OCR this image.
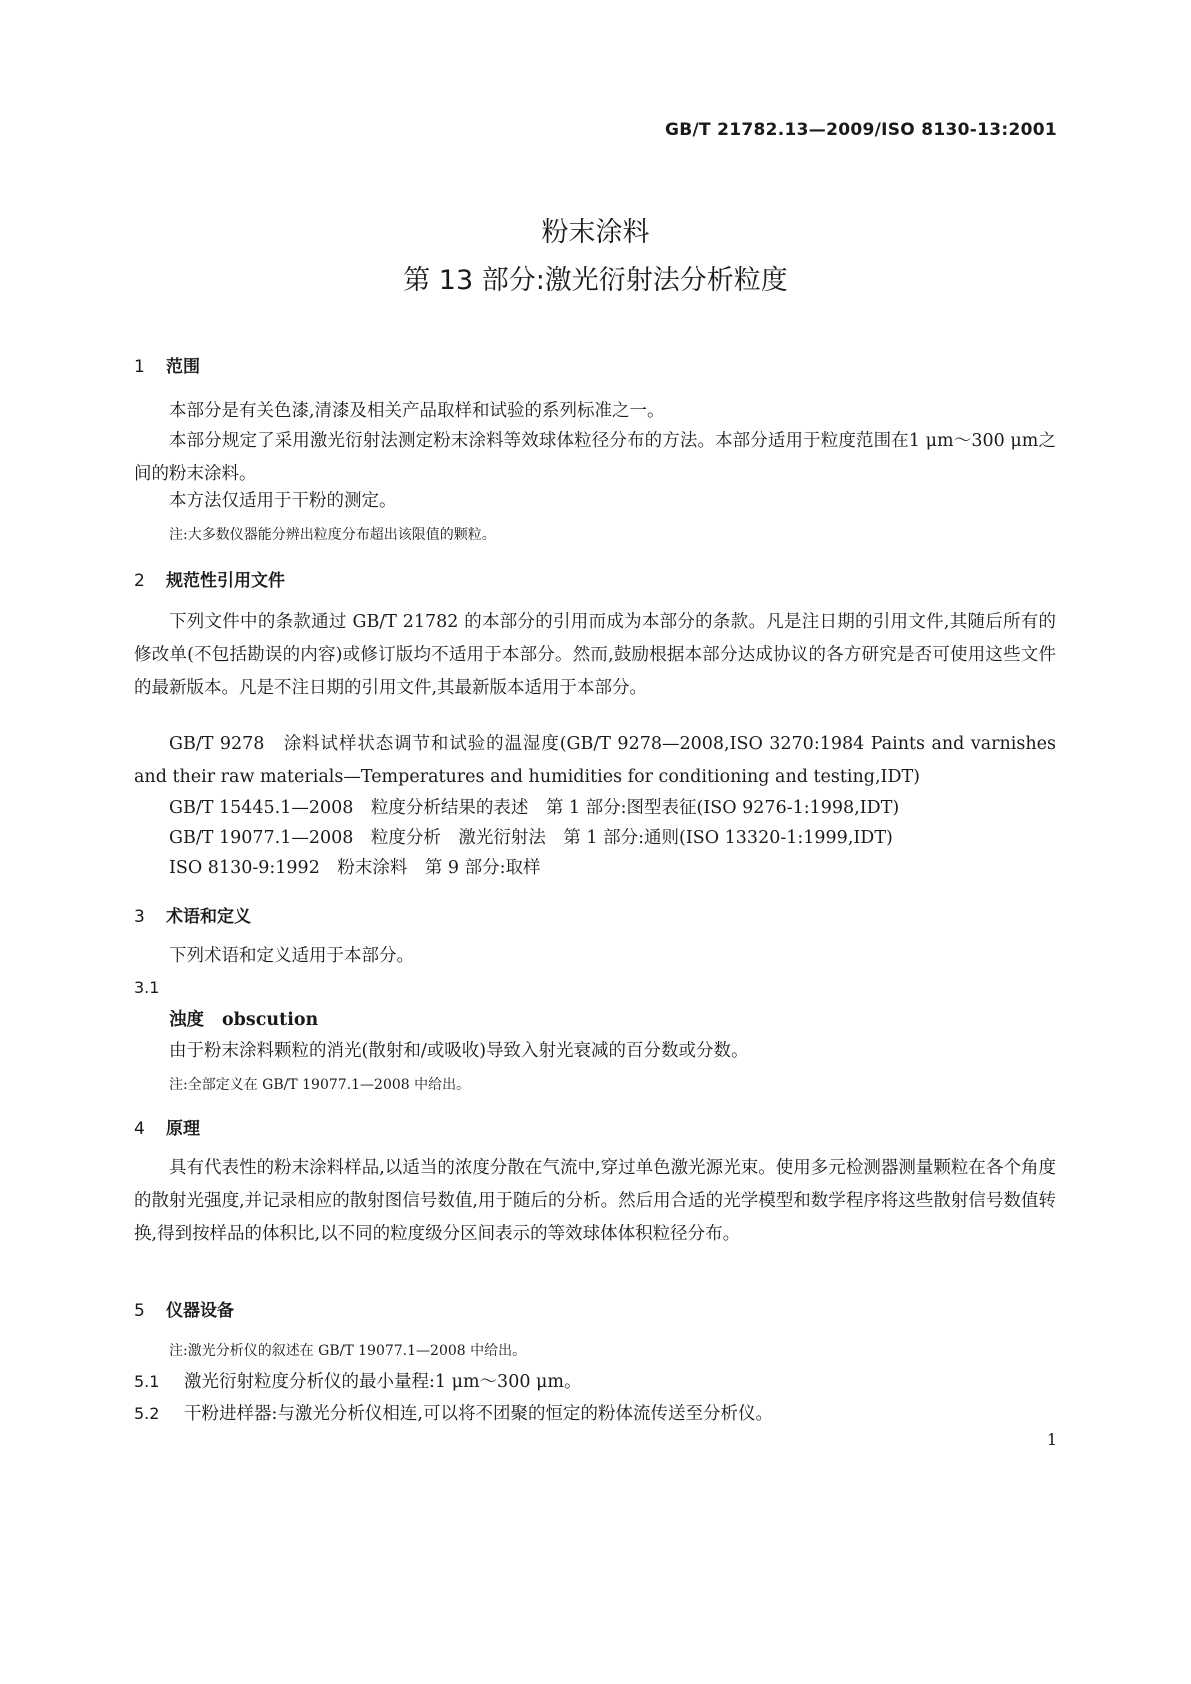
GB/T 21782.13—2009/ISO 8130-13:2001
粉末涂料
第 13 部分:激光衍射法分析粒度
1 范围
本部分是有关色漆,清漆及相关产品取样和试验的系列标准之一。
本部分规定了采用激光衍射法测定粉末涂料等效球体粒径分布的方法。本部分适用于粒度范围在1 μm～300 μm之间的粉末涂料。
本方法仅适用于干粉的测定。
注:大多数仪器能分辨出粒度分布超出该限值的颗粒。
2 规范性引用文件
下列文件中的条款通过 GB/T 21782 的本部分的引用而成为本部分的条款。凡是注日期的引用文件,其随后所有的修改单(不包括勘误的内容)或修订版均不适用于本部分。然而,鼓励根据本部分达成协议的各方研究是否可使用这些文件的最新版本。凡是不注日期的引用文件,其最新版本适用于本部分。
GB/T 9278　涂料试样状态调节和试验的温湿度(GB/T 9278—2008,ISO 3270:1984 Paints and varnishes and their raw materials—Temperatures and humidities for conditioning and testing,IDT)
GB/T 15445.1—2008　粒度分析结果的表述　第 1 部分:图型表征(ISO 9276-1:1998,IDT)
GB/T 19077.1—2008　粒度分析　激光衍射法　第 1 部分:通则(ISO 13320-1:1999,IDT)
ISO 8130-9:1992　粉末涂料　第 9 部分:取样
3 术语和定义
下列术语和定义适用于本部分。
3.1
浊度 obscution
由于粉末涂料颗粒的消光(散射和/或吸收)导致入射光衰减的百分数或分数。
注:全部定义在 GB/T 19077.1—2008 中给出。
4 原理
具有代表性的粉末涂料样品,以适当的浓度分散在气流中,穿过单色激光源光束。使用多元检测器测量颗粒在各个角度的散射光强度,并记录相应的散射图信号数值,用于随后的分析。然后用合适的光学模型和数学程序将这些散射信号数值转换,得到按样品的体积比,以不同的粒度级分区间表示的等效球体体积粒径分布。
5 仪器设备
注:激光分析仪的叙述在 GB/T 19077.1—2008 中给出。
5.1 激光衍射粒度分析仪的最小量程:1 μm～300 μm。
5.2 干粉进样器:与激光分析仪相连,可以将不团聚的恒定的粉体流传送至分析仪。
1
